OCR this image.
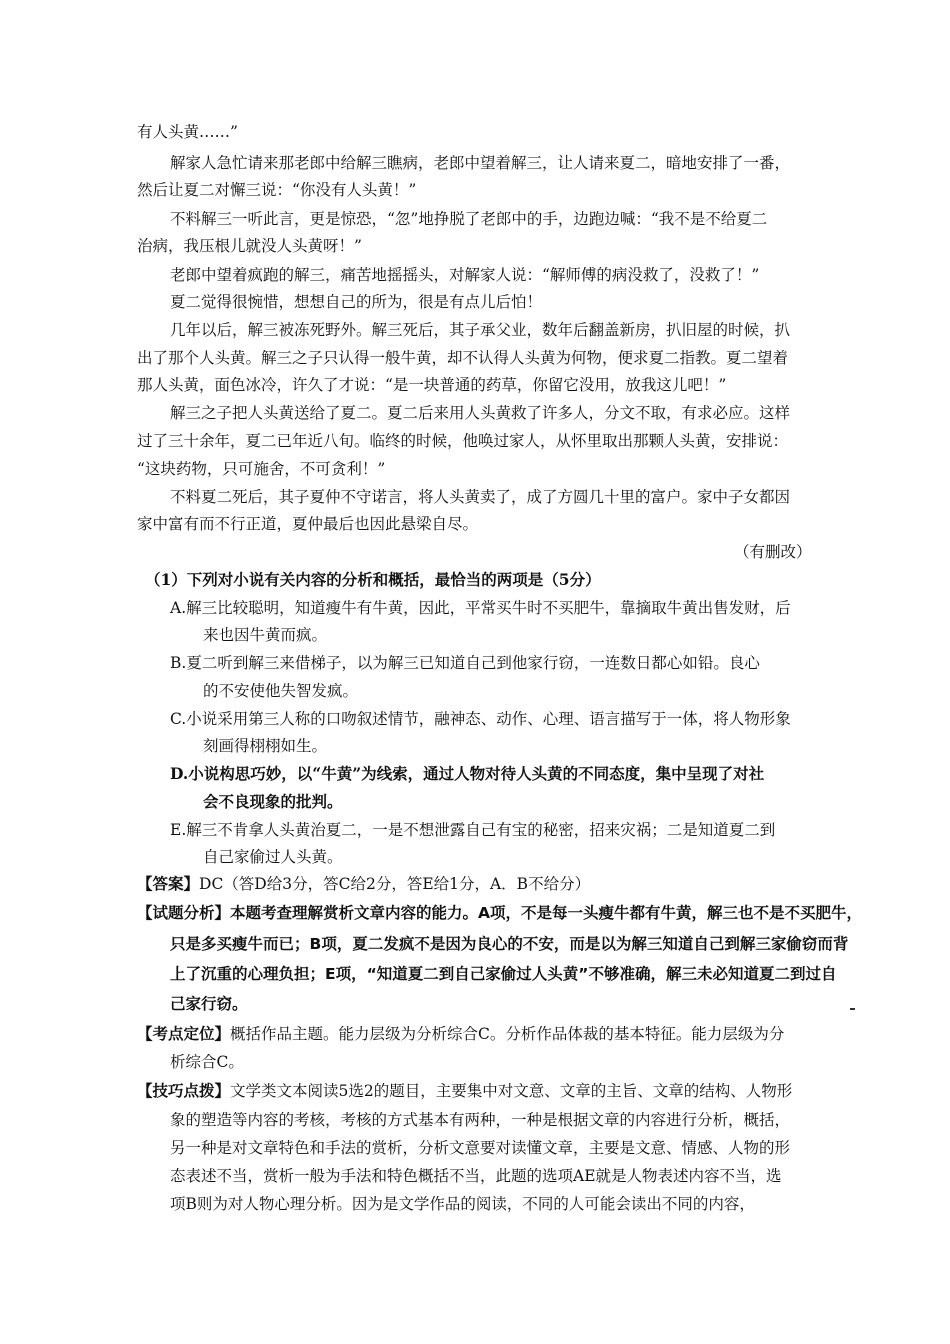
有人头黄……”
解家人急忙请来那老郎中给解三瞧病，老郎中望着解三，让人请来夏二，暗地安排了一番，
然后让夏二对懈三说：“你没有人头黄！”
不料解三一听此言，更是惊恐，“忽”地挣脱了老郎中的手，边跑边喊：“我不是不给夏二
治病，我压根儿就没人头黄呀！”
老郎中望着疯跑的解三，痛苦地摇摇头，对解家人说：“解师傅的病没救了，没救了！”
夏二觉得很惋惜，想想自己的所为，很是有点儿后怕！
几年以后，解三被冻死野外。解三死后，其子承父业，数年后翻盖新房，扒旧屋的时候，扒
出了那个人头黄。解三之子只认得一般牛黄，却不认得人头黄为何物，便求夏二指教。夏二望着
那人头黄，面色冰冷，许久了才说：“是一块普通的药草，你留它没用，放我这儿吧！”
解三之子把人头黄送给了夏二。夏二后来用人头黄救了许多人，分文不取，有求必应。这样
过了三十余年，夏二已年近八旬。临终的时候，他唤过家人，从怀里取出那颗人头黄，安排说：
“这块药物，只可施舍，不可贪利！”
不料夏二死后，其子夏仲不守诺言，将人头黄卖了，成了方圆几十里的富户。家中子女都因
家中富有而不行正道，夏仲最后也因此悬梁自尽。
（有删改）
（1）下列对小说有关内容的分析和概括，最恰当的两项是（5分）
A.解三比较聪明，知道瘦牛有牛黄，因此，平常买牛时不买肥牛，靠摘取牛黄出售发财，后
来也因牛黄而疯。
B.夏二听到解三来借梯子，以为解三已知道自己到他家行窃，一连数日都心如铅。良心
的不安使他失智发疯。
C.小说采用第三人称的口吻叙述情节，融神态、动作、心理、语言描写于一体，将人物形象
刻画得栩栩如生。
D.小说构思巧妙，以“牛黄”为线索，通过人物对待人头黄的不同态度，集中呈现了对社
会不良现象的批判。
E.解三不肯拿人头黄治夏二，一是不想泄露自己有宝的秘密，招来灾祸；二是知道夏二到
自己家偷过人头黄。
【答案】DC（答D给3分，答C给2分，答E给1分，A．B不给分）
【试题分析】本题考查理解赏析文章内容的能力。A项，不是每一头瘦牛都有牛黄，解三也不是不买肥牛，
只是多买瘦牛而已；B项，夏二发疯不是因为良心的不安，而是以为解三知道自己到解三家偷窃而背
上了沉重的心理负担；E项，“知道夏二到自己家偷过人头黄”不够准确，解三未必知道夏二到过自
己家行窃。
【考点定位】概括作品主题。能力层级为分析综合C。分析作品体裁的基本特征。能力层级为分
析综合C。
【技巧点拨】文学类文本阅读5选2的题目，主要集中对文意、文章的主旨、文章的结构、人物形
象的塑造等内容的考核，考核的方式基本有两种，一种是根据文章的内容进行分析，概括，
另一种是对文章特色和手法的赏析，分析文意要对读懂文章，主要是文意、情感、人物的形
态表述不当，赏析一般为手法和特色概括不当，此题的选项AE就是人物表述内容不当，选
项B则为对人物心理分析。因为是文学作品的阅读，不同的人可能会读出不同的内容，
